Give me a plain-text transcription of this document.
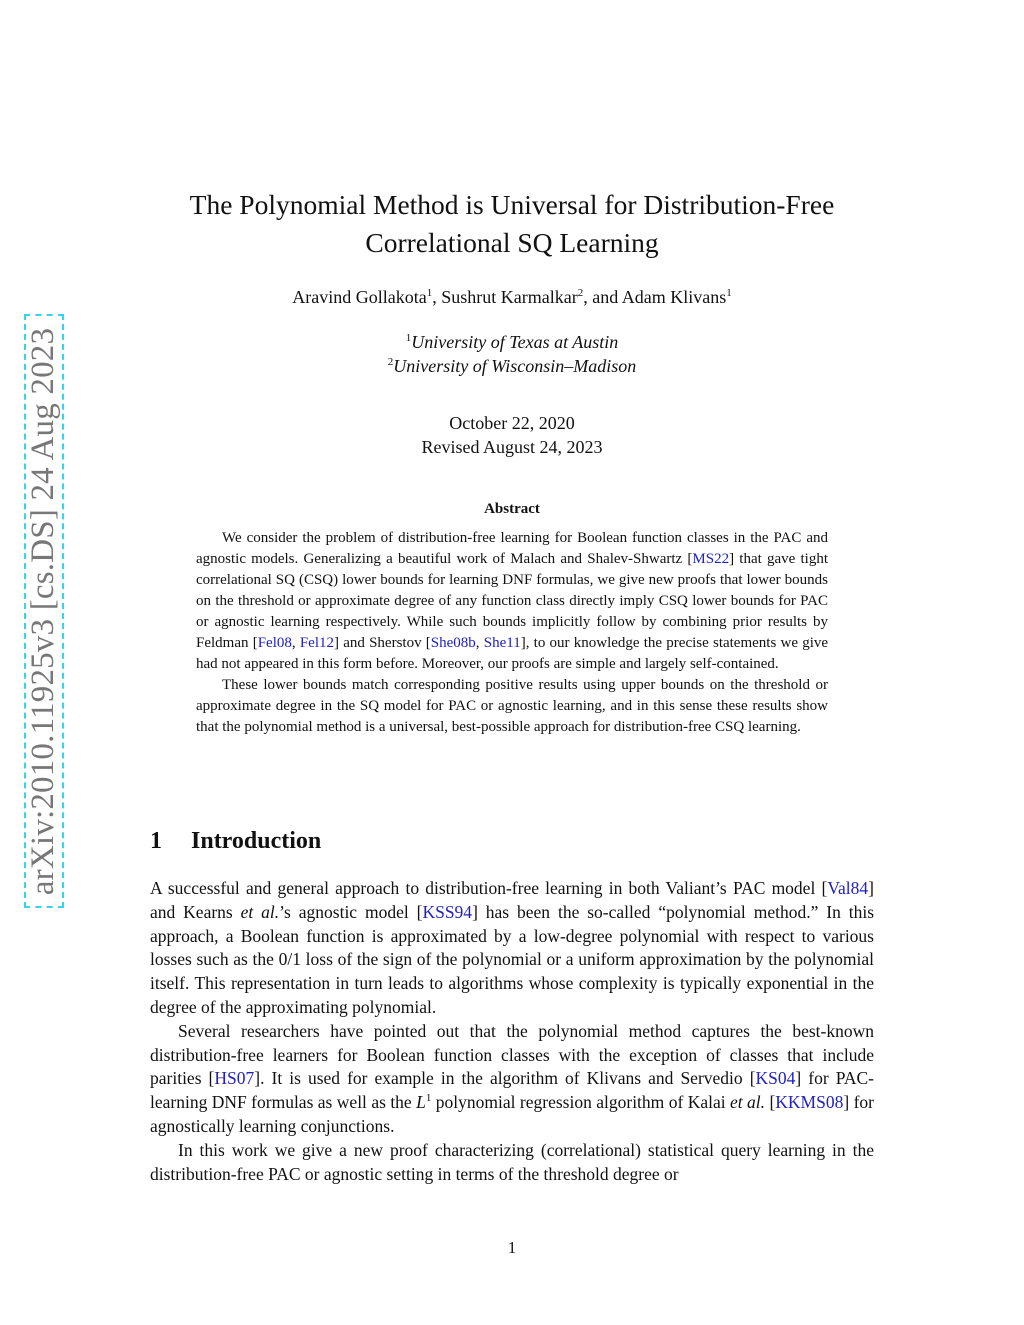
arXiv:2010.11925v3 [cs.DS] 24 Aug 2023
The Polynomial Method is Universal for Distribution-Free
Correlational SQ Learning
Aravind Gollakota$^1$, Sushrut Karmalkar$^2$, and Adam Klivans$^1$
$^1$University of Texas at Austin
$^2$University of Wisconsin–Madison
October 22, 2020
Revised August 24, 2023
Abstract

We consider the problem of distribution-free learning for Boolean function classes in the PAC and agnostic models. Generalizing a beautiful work of Malach and Shalev-Shwartz [MS22] that gave tight correlational SQ (CSQ) lower bounds for learning DNF formulas, we give new proofs that lower bounds on the threshold or approximate degree of any function class directly imply CSQ lower bounds for PAC or agnostic learning respectively. While such bounds implicitly follow by combining prior results by Feldman [Fel08, Fel12] and Sherstov [She08b, She11], to our knowledge the precise statements we give had not appeared in this form before. Moreover, our proofs are simple and largely self-contained.

These lower bounds match corresponding positive results using upper bounds on the threshold or approximate degree in the SQ model for PAC or agnostic learning, and in this sense these results show that the polynomial method is a universal, best-possible approach for distribution-free CSQ learning.

1 Introduction

A successful and general approach to distribution-free learning in both Valiant’s PAC model [Val84] and Kearns et al.’s agnostic model [KSS94] has been the so-called “polynomial method.” In this approach, a Boolean function is approximated by a low-degree polynomial with respect to various losses such as the 0/1 loss of the sign of the polynomial or a uniform approximation by the polynomial itself. This representation in turn leads to algorithms whose complexity is typically exponential in the degree of the approximating polynomial.

Several researchers have pointed out that the polynomial method captures the best-known distribution-free learners for Boolean function classes with the exception of classes that include parities [HS07]. It is used for example in the algorithm of Klivans and Servedio [KS04] for PAC-learning DNF formulas as well as the $L^1$ polynomial regression algorithm of Kalai et al. [KKMS08] for agnostically learning conjunctions.

In this work we give a new proof characterizing (correlational) statistical query learning in the distribution-free PAC or agnostic setting in terms of the threshold degree or

1
